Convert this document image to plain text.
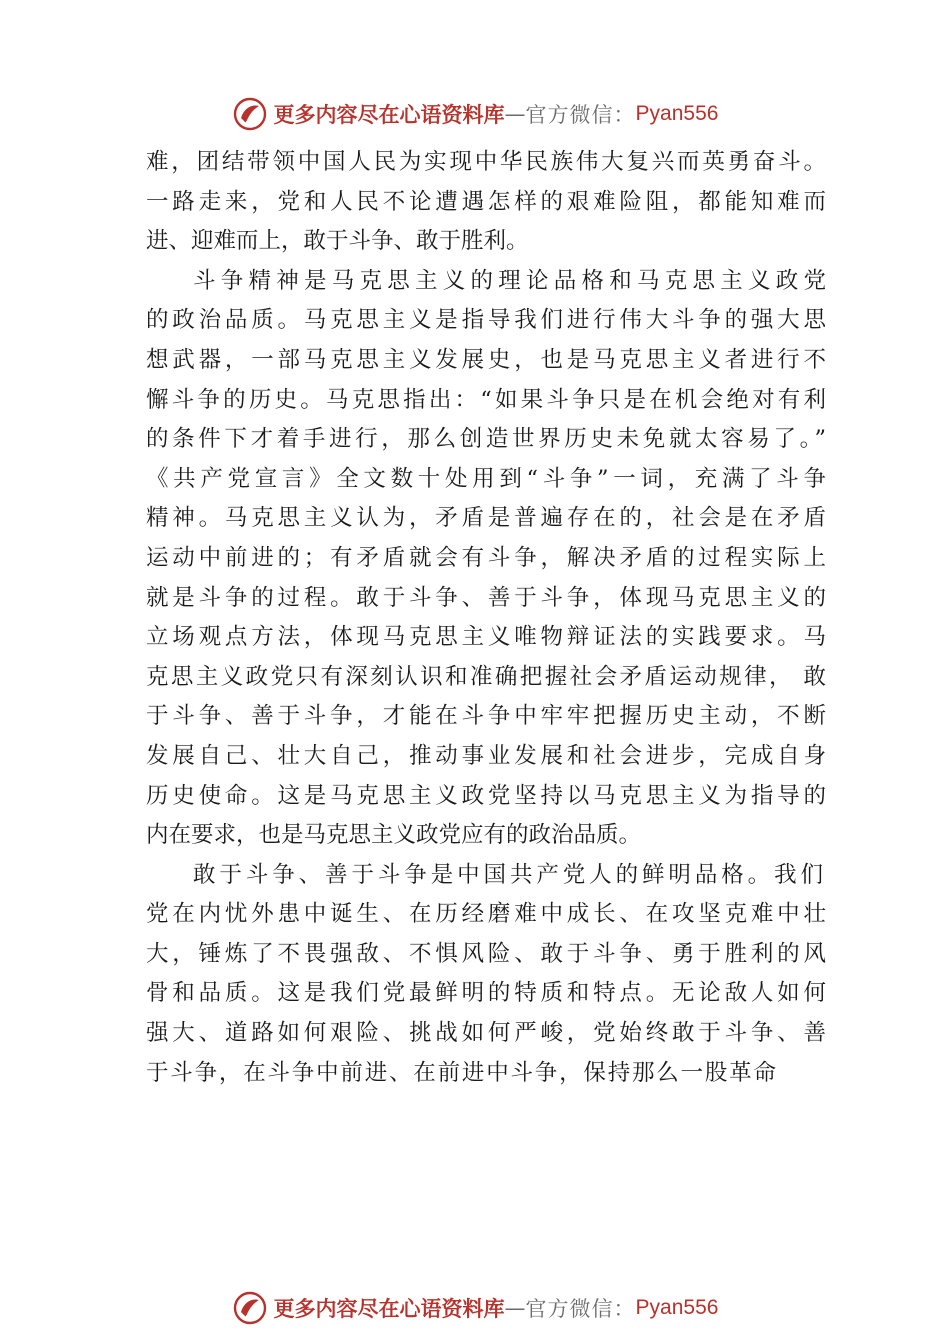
更多内容尽在心语资料库 — 官方微信： Pyan556
难，团结带领中国人民为实现中华民族伟大复兴而英勇奋斗。
一路走来，党和人民不论遭遇怎样的艰难险阻，都能知难而
进、迎难而上，敢于斗争、敢于胜利。
斗争精神是马克思主义的理论品格和马克思主义政党
的政治品质。马克思主义是指导我们进行伟大斗争的强大思
想武器，一部马克思主义发展史，也是马克思主义者进行不
懈斗争的历史。马克思指出：“如果斗争只是在机会绝对有利
的条件下才着手进行，那么创造世界历史未免就太容易了。”
《共产党宣言》全文数十处用到“斗争”一词，充满了斗争
精神。马克思主义认为，矛盾是普遍存在的，社会是在矛盾
运动中前进的；有矛盾就会有斗争，解决矛盾的过程实际上
就是斗争的过程。敢于斗争、善于斗争，体现马克思主义的
立场观点方法，体现马克思主义唯物辩证法的实践要求。马
克思主义政党只有深刻认识和准确把握社会矛盾运动规律， 敢
于斗争、善于斗争，才能在斗争中牢牢把握历史主动，不断
发展自己、壮大自己，推动事业发展和社会进步，完成自身
历史使命。这是马克思主义政党坚持以马克思主义为指导的
内在要求，也是马克思主义政党应有的政治品质。
敢于斗争、善于斗争是中国共产党人的鲜明品格。我们
党在内忧外患中诞生、在历经磨难中成长、在攻坚克难中壮
大，锤炼了不畏强敌、不惧风险、敢于斗争、勇于胜利的风
骨和品质。这是我们党最鲜明的特质和特点。无论敌人如何
强大、道路如何艰险、挑战如何严峻，党始终敢于斗争、善
于斗争，在斗争中前进、在前进中斗争，保持那么一股革命
更多内容尽在心语资料库 — 官方微信： Pyan556
